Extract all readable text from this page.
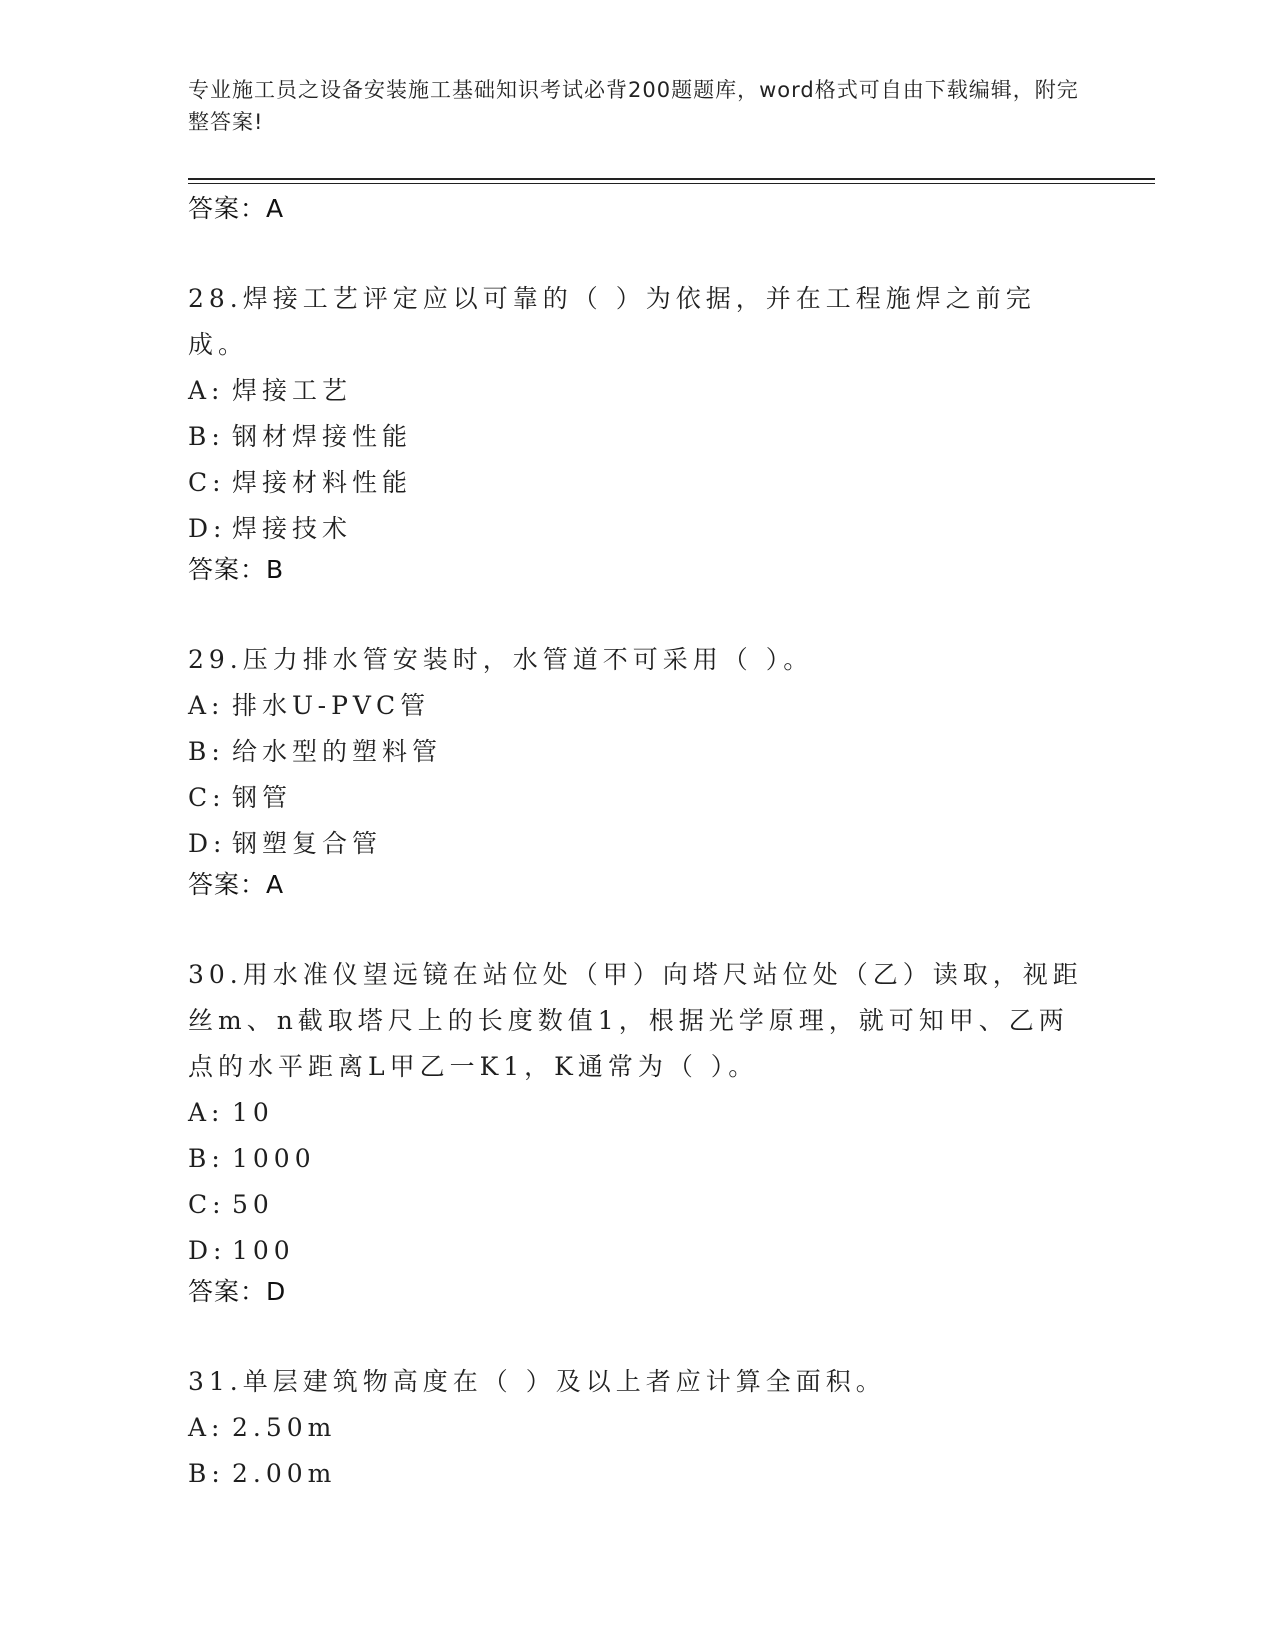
专业施工员之设备安装施工基础知识考试必背200题题库，word格式可自由下载编辑，附完整答案!
答案：A
28.焊接工艺评定应以可靠的（ ）为依据，并在工程施焊之前完成。
A: 焊接工艺
B: 钢材焊接性能
C: 焊接材料性能
D: 焊接技术
答案：B
29.压力排水管安装时，水管道不可采用（ ）。
A: 排水U-PVC管
B: 给水型的塑料管
C: 钢管
D: 钢塑复合管
答案：A
30.用水准仪望远镜在站位处（甲）向塔尺站位处（乙）读取，视距丝m、n截取塔尺上的长度数值1，根据光学原理，就可知甲、乙两点的水平距离L甲乙一K1，K通常为（ ）。
A: 10
B: 1000
C: 50
D: 100
答案：D
31.单层建筑物高度在（ ）及以上者应计算全面积。
A: 2.50m
B: 2.00m
